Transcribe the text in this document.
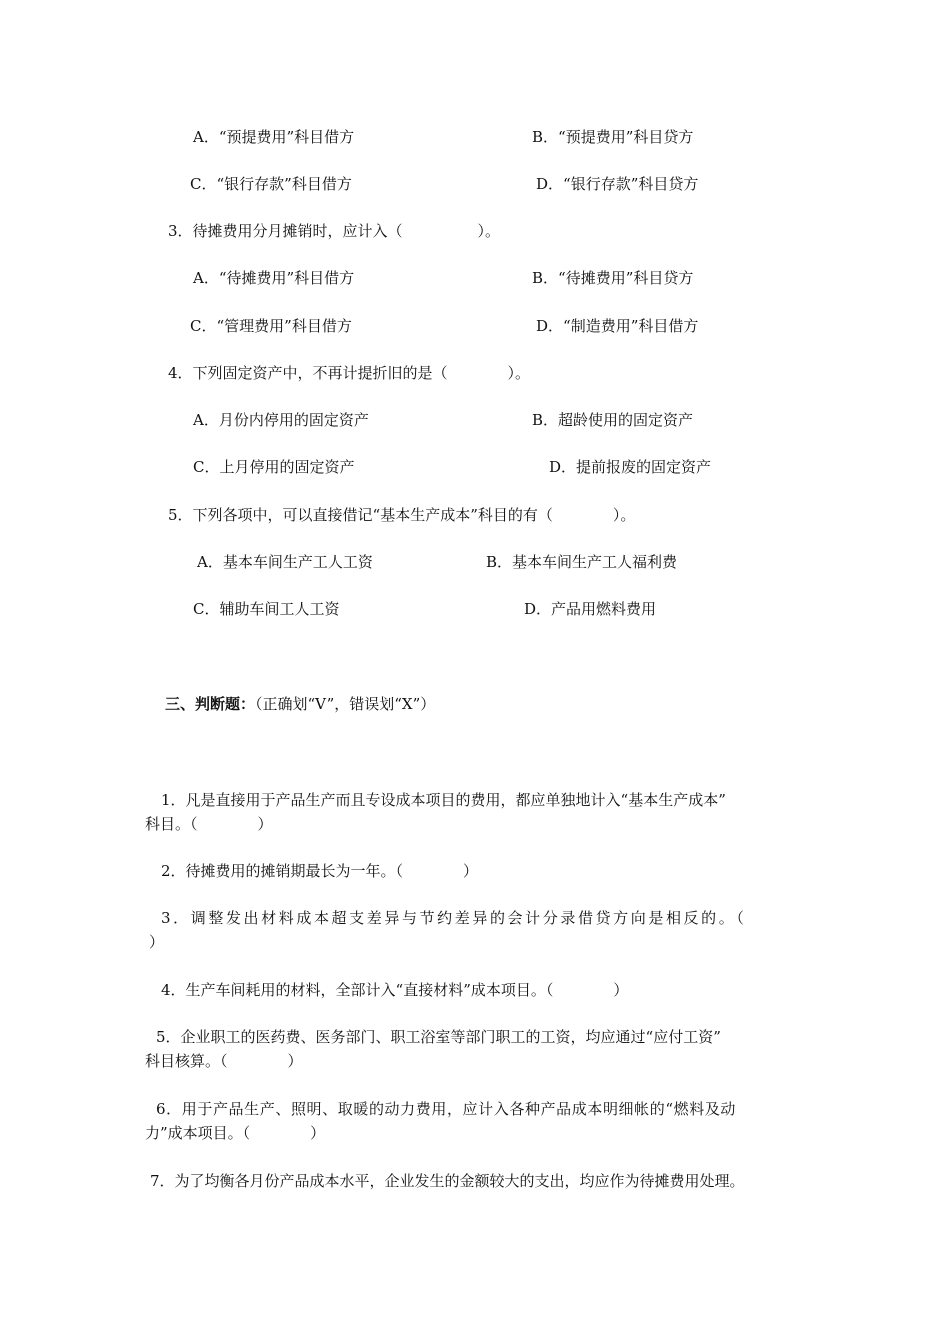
A．“预提费用”科目借方	B．“预提费用”科目贷方
C．“银行存款”科目借方	D．“银行存款”科目贷方
3．待摊费用分月摊销时，应计入（　　　　　）。
A．“待摊费用”科目借方	B．“待摊费用”科目贷方
C．“管理费用”科目借方	D．“制造费用”科目借方
4．下列固定资产中，不再计提折旧的是（　　　　）。
A．月份内停用的固定资产	B．超龄使用的固定资产
C．上月停用的固定资产	D．提前报废的固定资产
5．下列各项中，可以直接借记“基本生产成本”科目的有（　　　　）。
A．基本车间生产工人工资	B．基本车间生产工人福利费
C．辅助车间工人工资	D．产品用燃料费用
三、判断题：（正确划“V”，错误划“X”）
1．凡是直接用于产品生产而且专设成本项目的费用，都应单独地计入“基本生产成本”
科目。（　　　　）
2．待摊费用的摊销期最长为一年。（　　　　）
3．调整发出材料成本超支差异与节约差异的会计分录借贷方向是相反的。（
）
4．生产车间耗用的材料，全部计入“直接材料”成本项目。（　　　　）
5．企业职工的医药费、医务部门、职工浴室等部门职工的工资，均应通过“应付工资”
科目核算。（　　　　）
6．用于产品生产、照明、取暖的动力费用，应计入各种产品成本明细帐的“燃料及动
力”成本项目。（　　　　）
7．为了均衡各月份产品成本水平，企业发生的金额较大的支出，均应作为待摊费用处理。
